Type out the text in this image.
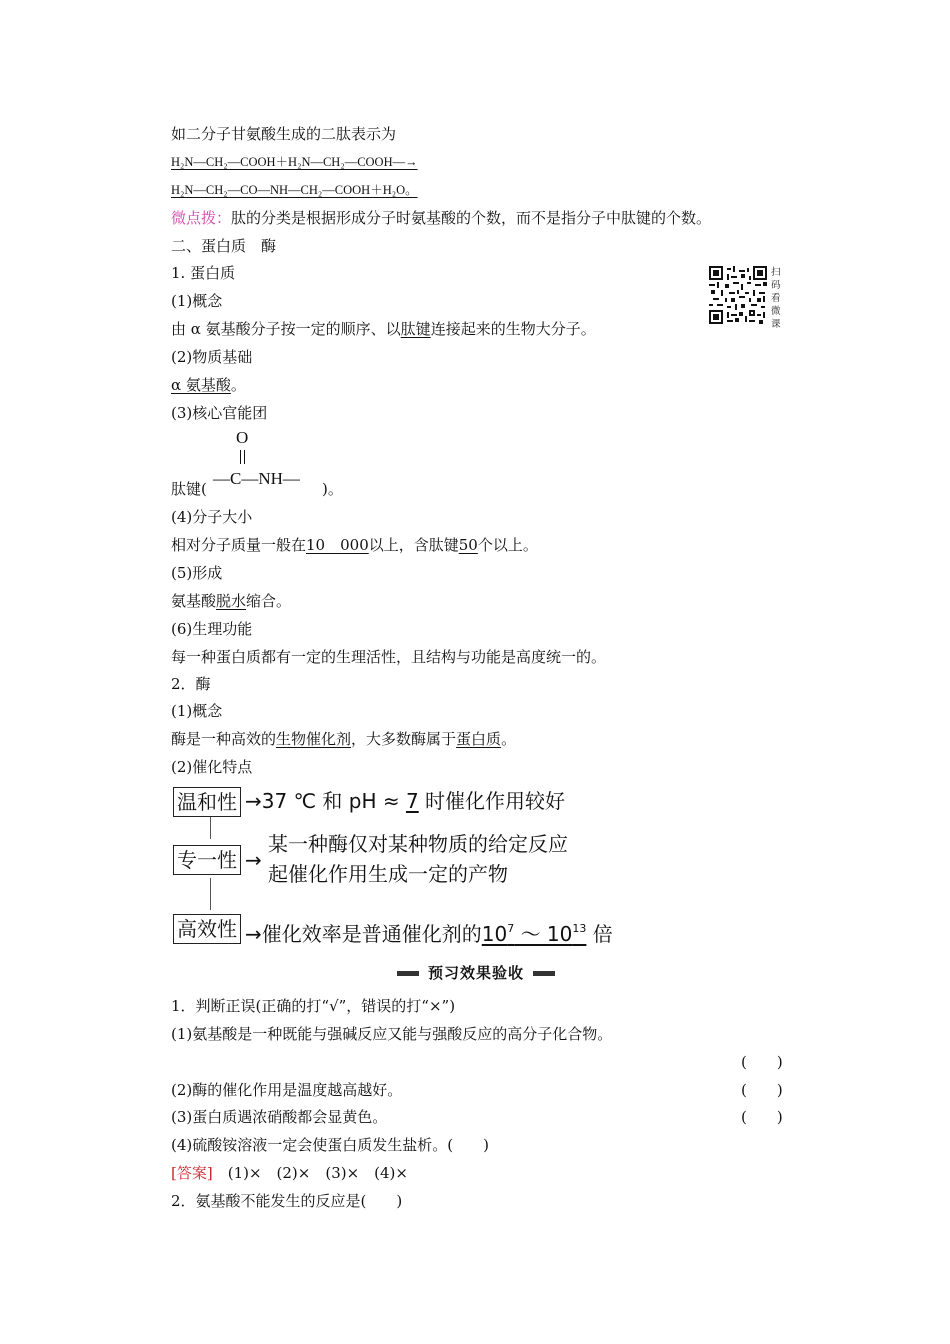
如二分子甘氨酸生成的二肽表示为
H₂N—CH₂—COOH＋H₂N—CH₂—COOH―→
H₂N—CH₂—CO—NH—CH₂—COOH＋H₂O。
微点拨：肽的分类是根据形成分子时氨基酸的个数，而不是指分子中肽键的个数。
二、蛋白质　酶
1. 蛋白质	扫码看微课
(1)概念
由 α 氨基酸分子按一定的顺序、以肽键连接起来的生物大分子。
(2)物质基础
α 氨基酸。
(3)核心官能团
肽键(
O
—C—NH—
)。
(4)分子大小
相对分子质量一般在10　000以上，含肽键50个以上。
(5)形成
氨基酸脱水缩合。
(6)生理功能
每一种蛋白质都有一定的生理活性，且结构与功能是高度统一的。
2．酶
(1)概念
酶是一种高效的生物催化剂，大多数酶属于蛋白质。
(2)催化特点
温和性 →37 ℃ 和 pH ≈ 7 时催化作用较好
专一性 →
某一种酶仅对某种物质的给定反应
起催化作用生成一定的产物
高效性 →催化效率是普通催化剂的$10^7$ ～ $10^{13}$ 倍
预习效果验收
1．判断正误(正确的打“√”，错误的打“×”)
(1)氨基酸是一种既能与强碱反应又能与强酸反应的高分子化合物。
(　　)
(2)酶的催化作用是温度越高越好。	(　　)
(3)蛋白质遇浓硝酸都会显黄色。	(　　)
(4)硫酸铵溶液一定会使蛋白质发生盐析。(　　)
[答案]　(1)×　(2)×　(3)×　(4)×
2．氨基酸不能发生的反应是(　　)
